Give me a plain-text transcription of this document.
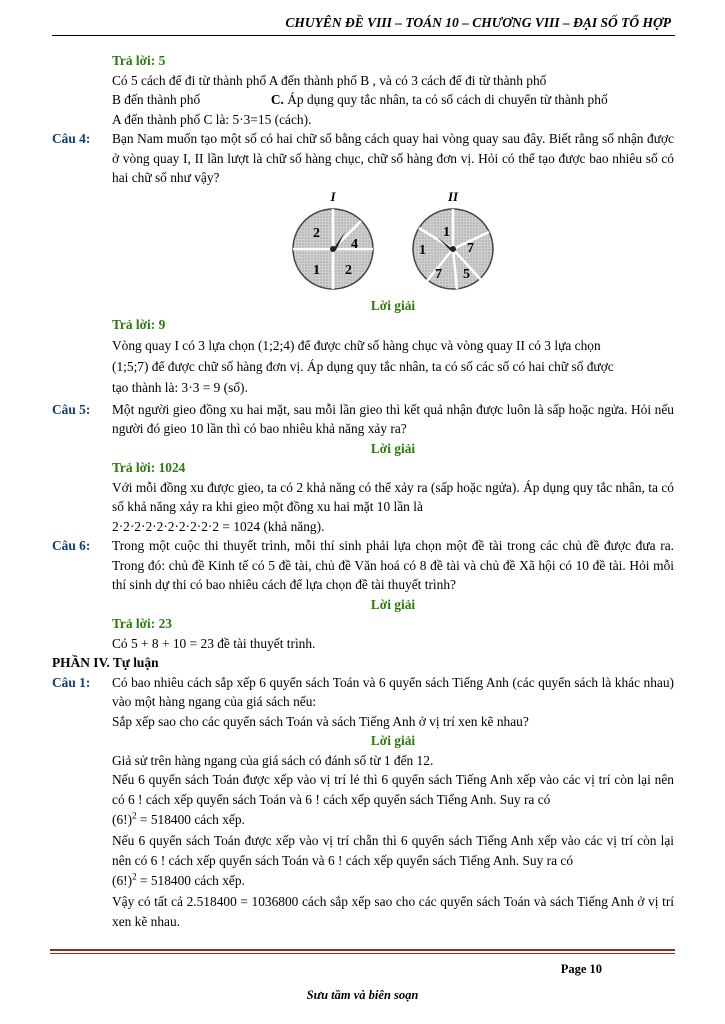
CHUYÊN ĐỀ VIII – TOÁN 10 – CHƯƠNG VIII – ĐẠI SỐ TỔ HỢP
Trả lời: 5
Có 5 cách để đi từ thành phố A đến thành phố B , và có 3 cách để đi từ thành phố
B đến thành phố	C. Áp dụng quy tắc nhân, ta có số cách di chuyển từ thành phố
A đến thành phố C là: 5·3=15 (cách).
Câu 4: Bạn Nam muốn tạo một số có hai chữ số bằng cách quay hai vòng quay sau đây. Biết rằng số nhận được ở vòng quay I, II lần lượt là chữ số hàng chục, chữ số hàng đơn vị. Hỏi có thể tạo được bao nhiêu số có hai chữ số như vậy?
I
2
4
1 2
II
1
1
7
7 5
Lời giải
Trả lời: 9
Vòng quay I có 3 lựa chọn (1;2;4) để được chữ số hàng chục và vòng quay II có 3 lựa chọn
(1;5;7) để được chữ số hàng đơn vị. Áp dụng quy tắc nhân, ta có số các số có hai chữ số được
tạo thành là: 3·3 = 9 (số).
Câu 5: Một người gieo đồng xu hai mặt, sau mỗi lần gieo thì kết quả nhận được luôn là sấp hoặc ngửa. Hỏi nếu người đó gieo 10 lần thì có bao nhiêu khả năng xảy ra?
Lời giải
Trả lời: 1024
Với mỗi đồng xu được gieo, ta có 2 khả năng có thể xảy ra (sấp hoặc ngửa). Áp dụng quy tắc nhân, ta có số khả năng xảy ra khi gieo một đồng xu hai mặt 10 lần là
2·2·2·2·2·2·2·2·2·2 = 1024 (khả năng).
Câu 6: Trong một cuộc thi thuyết trình, mỗi thí sinh phải lựa chọn một đề tài trong các chủ đề được đưa ra. Trong đó: chủ đề Kinh tế có 5 đề tài, chủ đề Văn hoá có 8 đề tài và chủ đề Xã hội có 10 đề tài. Hỏi mỗi thí sinh dự thi có bao nhiêu cách để lựa chọn đề tài thuyết trình?
Lời giải
Trả lời: 23
Có 5 + 8 + 10 = 23 đề tài thuyết trình.
PHẦN IV. Tự luận
Câu 1: Có bao nhiêu cách sắp xếp 6 quyển sách Toán và 6 quyển sách Tiếng Anh (các quyển sách là khác nhau) vào một hàng ngang của giá sách nếu:
Sắp xếp sao cho các quyển sách Toán và sách Tiếng Anh ở vị trí xen kẽ nhau?
Lời giải
Giả sử trên hàng ngang của giá sách có đánh số từ 1 đến 12.
Nếu 6 quyển sách Toán được xếp vào vị trí lẻ thì 6 quyển sách Tiếng Anh xếp vào các vị trí còn lại nên có 6 ! cách xếp quyển sách Toán và 6 ! cách xếp quyển sách Tiếng Anh. Suy ra có
$(6!)^2 = 518400$ cách xếp.
Nếu 6 quyển sách Toán được xếp vào vị trí chẵn thì 6 quyển sách Tiếng Anh xếp vào các vị trí còn lại nên có 6 ! cách xếp quyển sách Toán và 6 ! cách xếp quyển sách Tiếng Anh. Suy ra có
$(6!)^2 = 518400$ cách xếp.
Vậy có tất cả 2.518400 = 1036800 cách sắp xếp sao cho các quyển sách Toán và sách Tiếng Anh ở vị trí xen kẽ nhau.
Page 10
Sưu tầm và biên soạn
